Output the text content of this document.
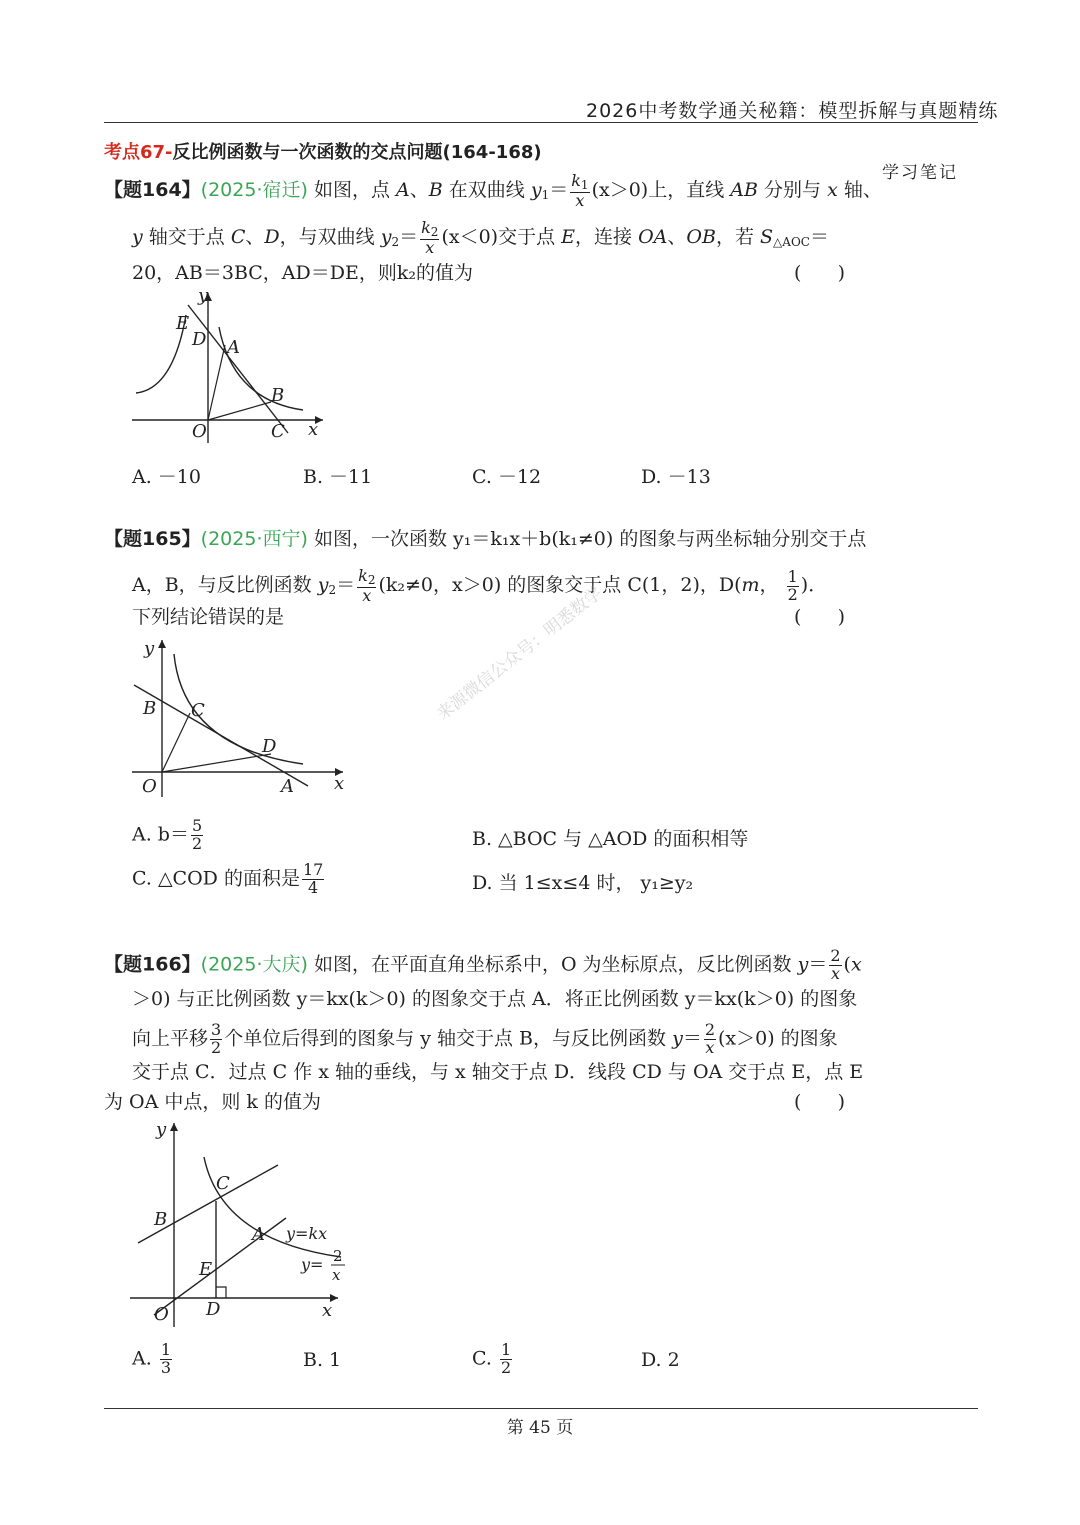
2026中考数学通关秘籍：模型拆解与真题精练
考点67-反比例函数与一次函数的交点问题(164-168)
学习笔记
【题164】(2025·宿迁) 如图，点 A、B 在双曲线 $y_1= \frac{k_1}{x} (x>0)$上，直线 AB 分别与 x 轴、
y 轴交于点 C、D，与双曲线 $y_2= \frac{k_2}{x} (x<0)$交于点 E，连接 OA、OB，若 $S_{\triangle AOC}=$
20，AB＝3BC，AD＝DE，则k₂的值为	(      )
E
D A
B
O	C x
y
A. －10	B. －11	C. －12	D. －13
【题165】(2025·西宁) 如图，一次函数 y₁＝k₁x＋b(k₁≠0) 的图象与两坐标轴分别交于点
A，B，与反比例函数 $y_2= \frac{k_2}{x} (k_2\ne 0$，x＞0) 的图象交于点 C(1，2)，D(m， $\frac{1}{2}$ )．
下列结论错误的是	(      )
y
B C
D
O	A x
来源微信公众号：明悉数学
A. $b= \frac{5}{2}$	B. △BOC 与 △AOD 的面积相等
C. △COD 的面积是 $\frac{17}{4}$	D. 当 1≤x≤4 时， y₁≥y₂
【题166】(2025·大庆) 如图，在平面直角坐标系中，O 为坐标原点，反比例函数 $y= \frac{2}{x} (x$
＞0) 与正比例函数 y＝kx(k＞0) 的图象交于点 A．将正比例函数 y＝kx(k＞0) 的图象
向上平移 $\frac{3}{2}$ 个单位后得到的图象与 y 轴交于点 B，与反比例函数 $y= \frac{2}{x} (x>0)$ 的图象
交于点 C．过点 C 作 x 轴的垂线，与 x 轴交于点 D．线段 CD 与 OA 交于点 E，点 E
为 OA 中点，则 k 的值为	(      )
y
C
B
A
E
O D	x
y=kx
y= 2
x
A. $\frac{1}{3}$	B. 1	C. $\frac{1}{2}$	D. 2
第 45 页
